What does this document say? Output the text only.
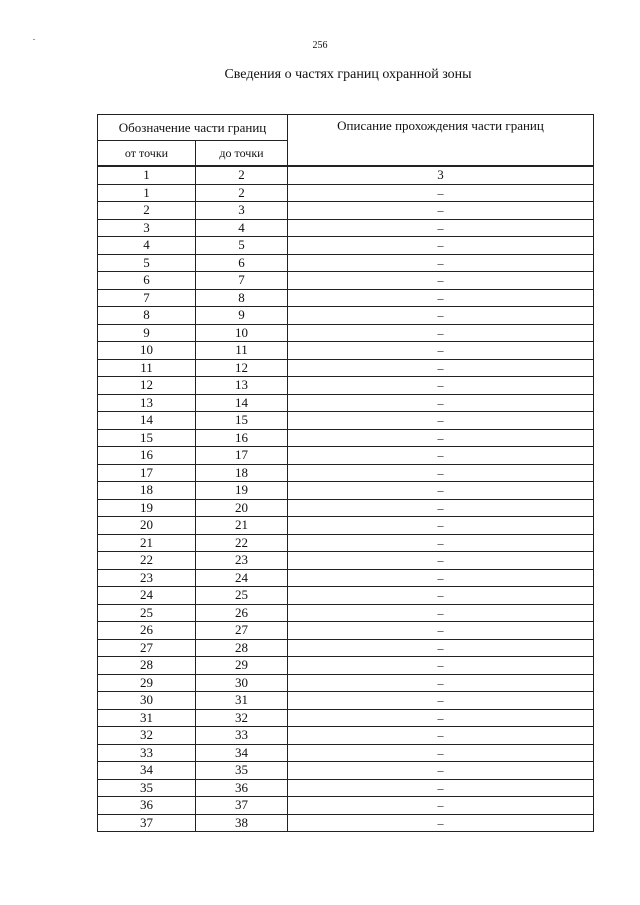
256
Сведения о частях границ охранной зоны
Обозначение части границ		Описание прохождения части границ
от точки	до точки	
1	2	3
1	2	–
2	3	–
3	4	–
4	5	–
5	6	–
6	7	–
7	8	–
8	9	–
9	10	–
10	11	–
11	12	–
12	13	–
13	14	–
14	15	–
15	16	–
16	17	–
17	18	–
18	19	–
19	20	–
20	21	–
21	22	–
22	23	–
23	24	–
24	25	–
25	26	–
26	27	–
27	28	–
28	29	–
29	30	–
30	31	–
31	32	–
32	33	–
33	34	–
34	35	–
35	36	–
36	37	–
37	38	–
